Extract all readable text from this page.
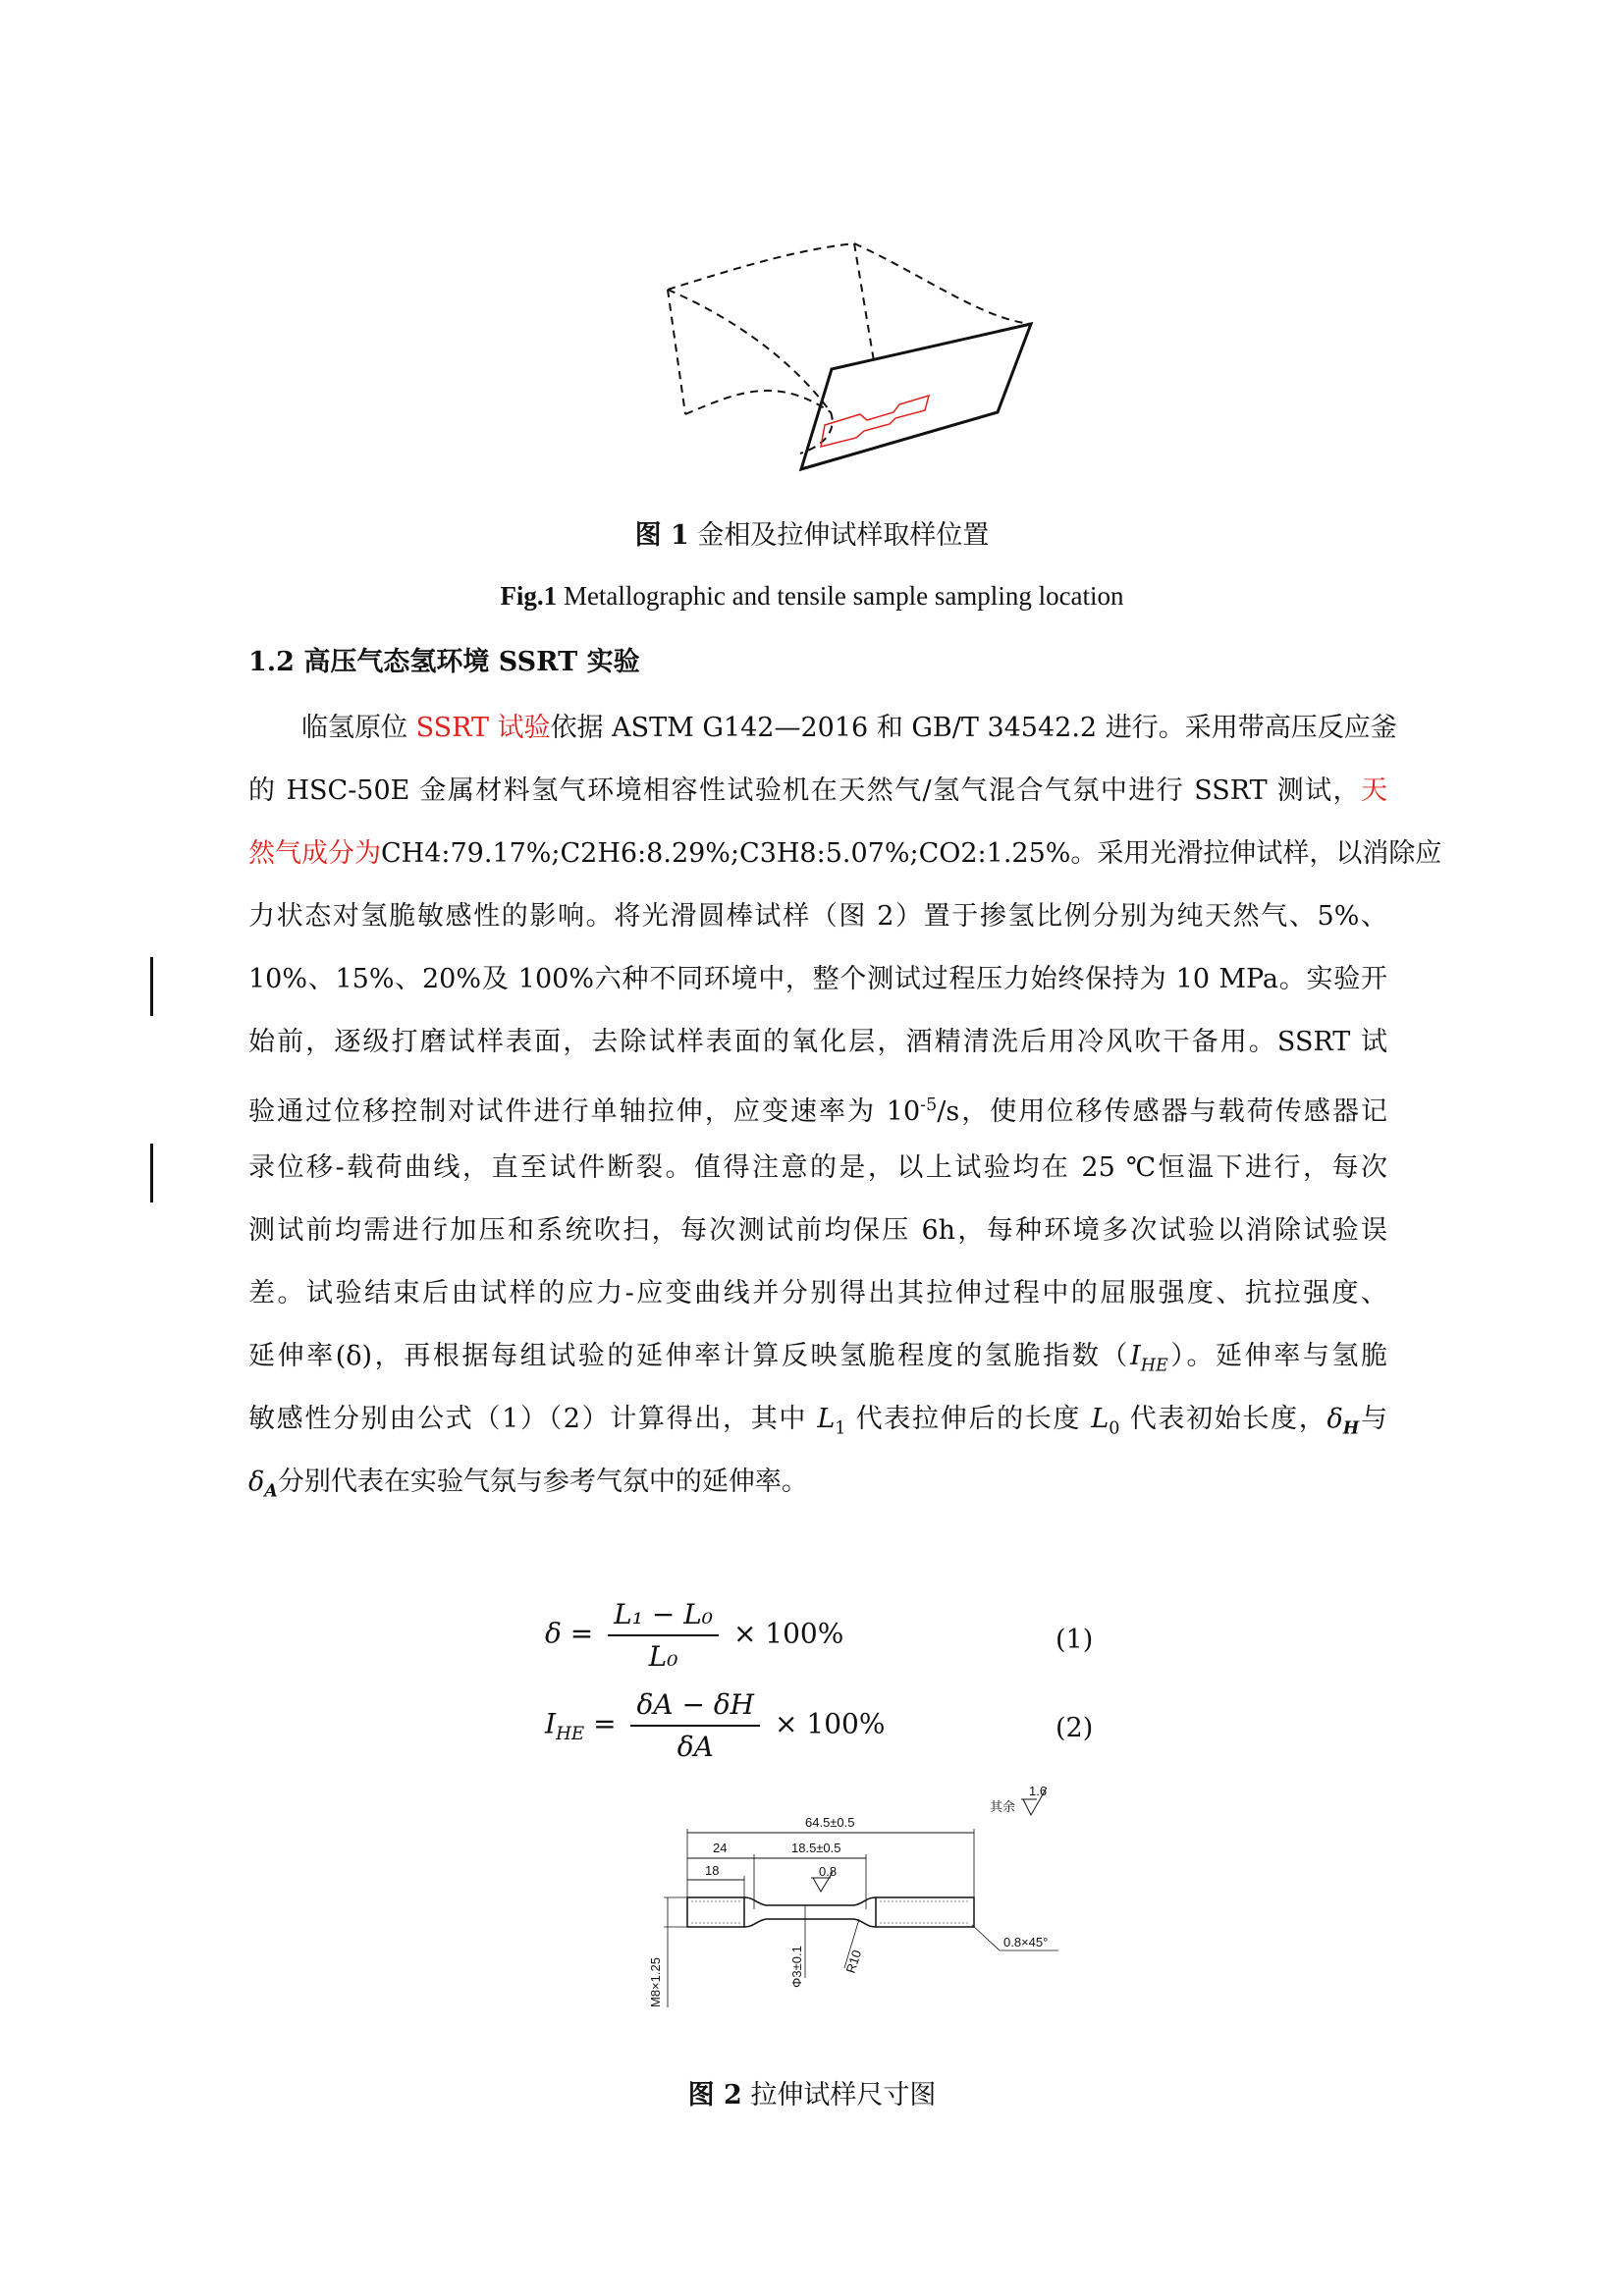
图 1 金相及拉伸试样取样位置
Fig.1 Metallographic and tensile sample sampling location
1.2 高压气态氢环境 SSRT 实验
临氢原位 SSRT 试验依据 ASTM G142—2016 和 GB/T 34542.2 进行。采用带高压反应釜
的 HSC-50E 金属材料氢气环境相容性试验机在天然气/氢气混合气氛中进行 SSRT 测试，天
然气成分为CH4:79.17%;C2H6:8.29%;C3H8:5.07%;CO2:1.25%。采用光滑拉伸试样，以消除应
力状态对氢脆敏感性的影响。将光滑圆棒试样（图 2）置于掺氢比例分别为纯天然气、5%、
10%、15%、20%及 100%六种不同环境中，整个测试过程压力始终保持为 10 MPa。实验开
始前，逐级打磨试样表面，去除试样表面的氧化层，酒精清洗后用冷风吹干备用。SSRT 试
验通过位移控制对试件进行单轴拉伸，应变速率为 $10^{-5}/s$，使用位移传感器与载荷传感器记
录位移-载荷曲线，直至试件断裂。值得注意的是，以上试验均在 25 ℃恒温下进行，每次
测试前均需进行加压和系统吹扫，每次测试前均保压 6h，每种环境多次试验以消除试验误
差。试验结束后由试样的应力-应变曲线并分别得出其拉伸过程中的屈服强度、抗拉强度、
延伸率(δ)，再根据每组试验的延伸率计算反映氢脆程度的氢脆指数$(I_{HE})$。延伸率与氢脆
敏感性分别由公式（1）（2）计算得出，其中 $L_1$ 代表拉伸后的长度 $L_0$ 代表初始长度，$\delta_H$与
$\delta_A$分别代表在实验气氛与参考气氛中的延伸率。
$\delta = \frac{\text{L₁ − L₀}}{\text{L₀}} \times 100\%$	(1)
$I_{HE} = \frac{\delta A - \delta H}{\delta A} \times 100\%$	(2)
其余
1.6
64.5±0.5
24	18.5±0.5
18	0.8
M8×1.25	Φ3±0.1	R10
0.8×45°
图 2 拉伸试样尺寸图
